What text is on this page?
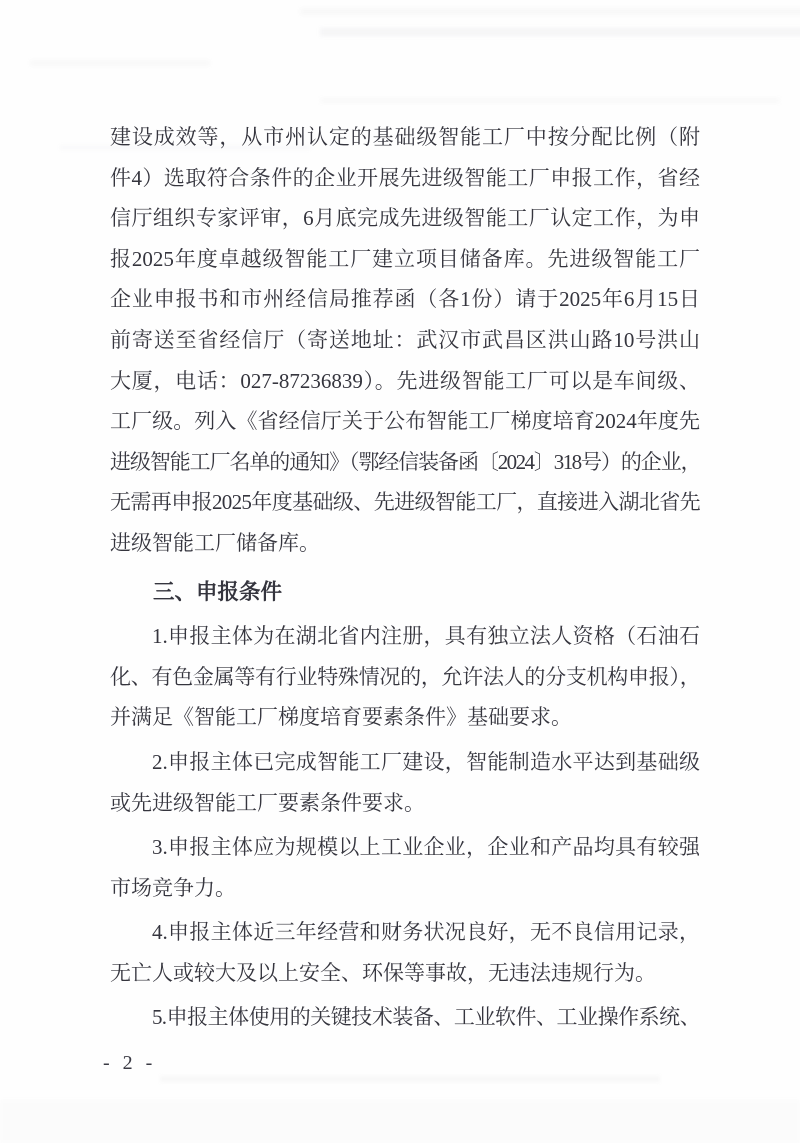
建设成效等，从市州认定的基础级智能工厂中按分配比例（附
件4）选取符合条件的企业开展先进级智能工厂申报工作，省经
信厅组织专家评审，6月底完成先进级智能工厂认定工作，为申
报2025年度卓越级智能工厂建立项目储备库。先进级智能工厂
企业申报书和市州经信局推荐函（各1份）请于2025年6月15日
前寄送至省经信厅（寄送地址：武汉市武昌区洪山路10号洪山
大厦，电话：027-87236839）。先进级智能工厂可以是车间级、
工厂级。列入《省经信厅关于公布智能工厂梯度培育2024年度先
进级智能工厂名单的通知》（鄂经信装备函〔2024〕318号）的企业，
无需再申报2025年度基础级、先进级智能工厂，直接进入湖北省先
进级智能工厂储备库。
三、申报条件
1.申报主体为在湖北省内注册，具有独立法人资格（石油石
化、有色金属等有行业特殊情况的，允许法人的分支机构申报），
并满足《智能工厂梯度培育要素条件》基础要求。
2.申报主体已完成智能工厂建设，智能制造水平达到基础级
或先进级智能工厂要素条件要求。
3.申报主体应为规模以上工业企业，企业和产品均具有较强
市场竞争力。
4.申报主体近三年经营和财务状况良好，无不良信用记录，
无亡人或较大及以上安全、环保等事故，无违法违规行为。
5.申报主体使用的关键技术装备、工业软件、工业操作系统、
- 2 -
